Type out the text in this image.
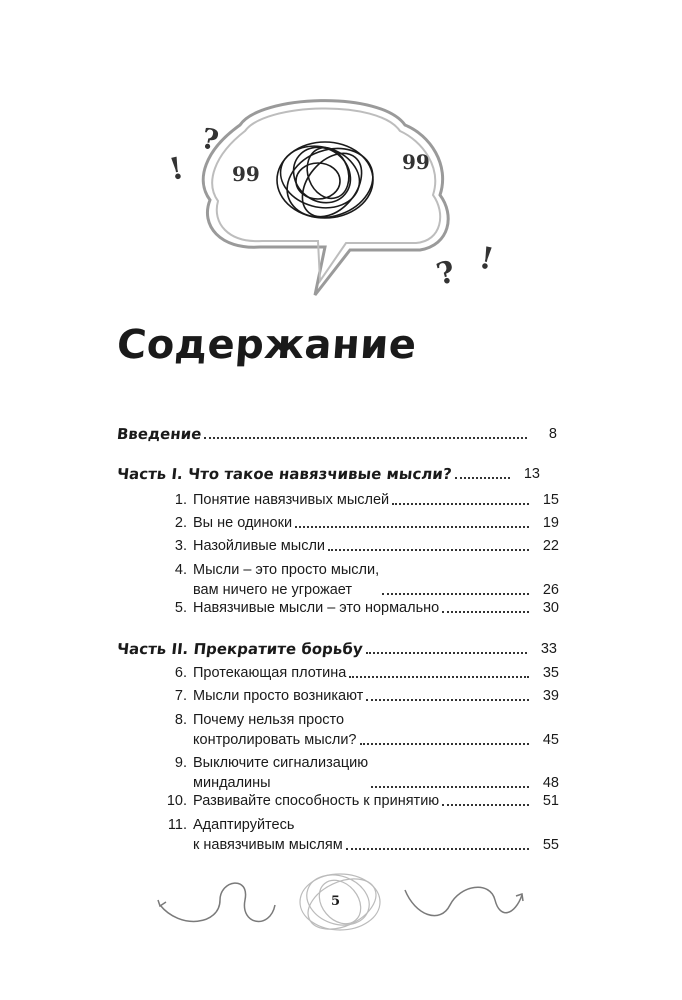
!
?
99	99
? !
Содержание
Введение	8
Часть I. Что такое навязчивые мысли?	13
1. Понятие навязчивых мыслей	15
2. Вы не одиноки	19
3. Назойливые мысли	22
4. Мысли – это просто мысли,
вам ничего не угрожает	26
5. Навязчивые мысли – это нормально	30
Часть II. Прекратите борьбу	33
6. Протекающая плотина	35
7. Мысли просто возникают	39
8. Почему нельзя просто
контролировать мысли?	45
9. Выключите сигнализацию
миндалины	48
10. Развивайте способность к принятию	51
11. Адаптируйтесь
к навязчивым мыслям	55
5
